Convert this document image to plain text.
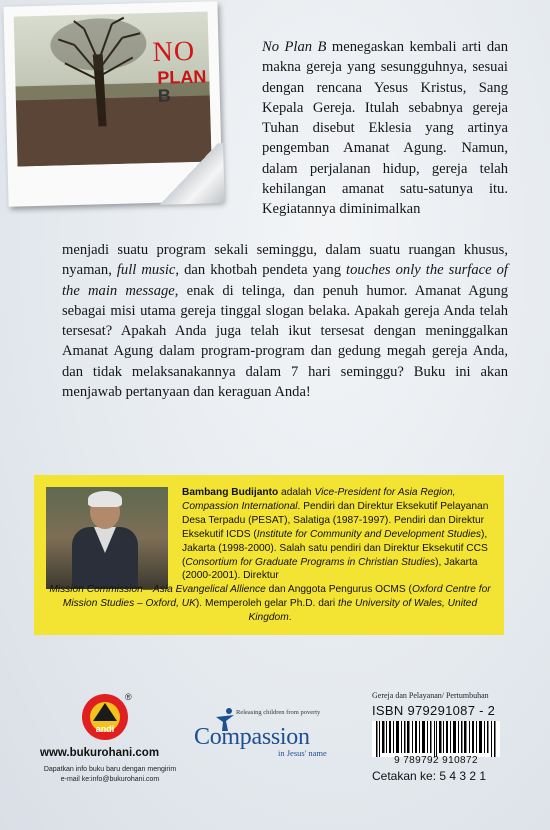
NO
PLAN B
No Plan B menegaskan kembali arti dan makna gereja yang sesungguhnya, sesuai dengan rencana Yesus Kristus, Sang Kepala Gereja. Itulah sebabnya gereja Tuhan disebut Eklesia yang artinya pengemban Amanat Agung. Namun, dalam perjalanan hidup, gereja telah kehilangan amanat satu-satunya itu. Kegiatannya diminimalkan
menjadi suatu program sekali seminggu, dalam suatu ruangan khusus, nyaman, full music, dan khotbah pendeta yang touches only the surface of the main message, enak di telinga, dan penuh humor. Amanat Agung sebagai misi utama gereja tinggal slogan belaka. Apakah gereja Anda telah tersesat? Apakah Anda juga telah ikut tersesat dengan meninggalkan Amanat Agung dalam program-program dan gedung megah gereja Anda, dan tidak melaksanakannya dalam 7 hari seminggu? Buku ini akan menjawab pertanyaan dan keraguan Anda!
Bambang Budijanto adalah Vice-President for Asia Region, Compassion International. Pendiri dan Direktur Eksekutif Pelayanan Desa Terpadu (PESAT), Salatiga (1987-1997). Pendiri dan Direktur Eksekutif ICDS (Institute for Community and Development Studies), Jakarta (1998-2000). Salah satu pendiri dan Direktur Eksekutif CCS (Consortium for Graduate Programs in Christian Studies), Jakarta (2000-2001). Direktur
Mission Commission—Asia Evangelical Allience dan Anggota Pengurus OCMS (Oxford Centre for Mission Studies – Oxford, UK). Memperoleh gelar Ph.D. dari the University of Wales, United Kingdom.
andi
®
www.bukurohani.com
Dapatkan info buku baru dengan mengirim e-mail ke:info@bukurohani.com
Releasing children from poverty
Compassion
in Jesus' name
Gereja dan Pelayanan/ Pertumbuhan
ISBN 979291087 - 2
9 789792 910872
Cetakan ke: 5 4 3 2 1
